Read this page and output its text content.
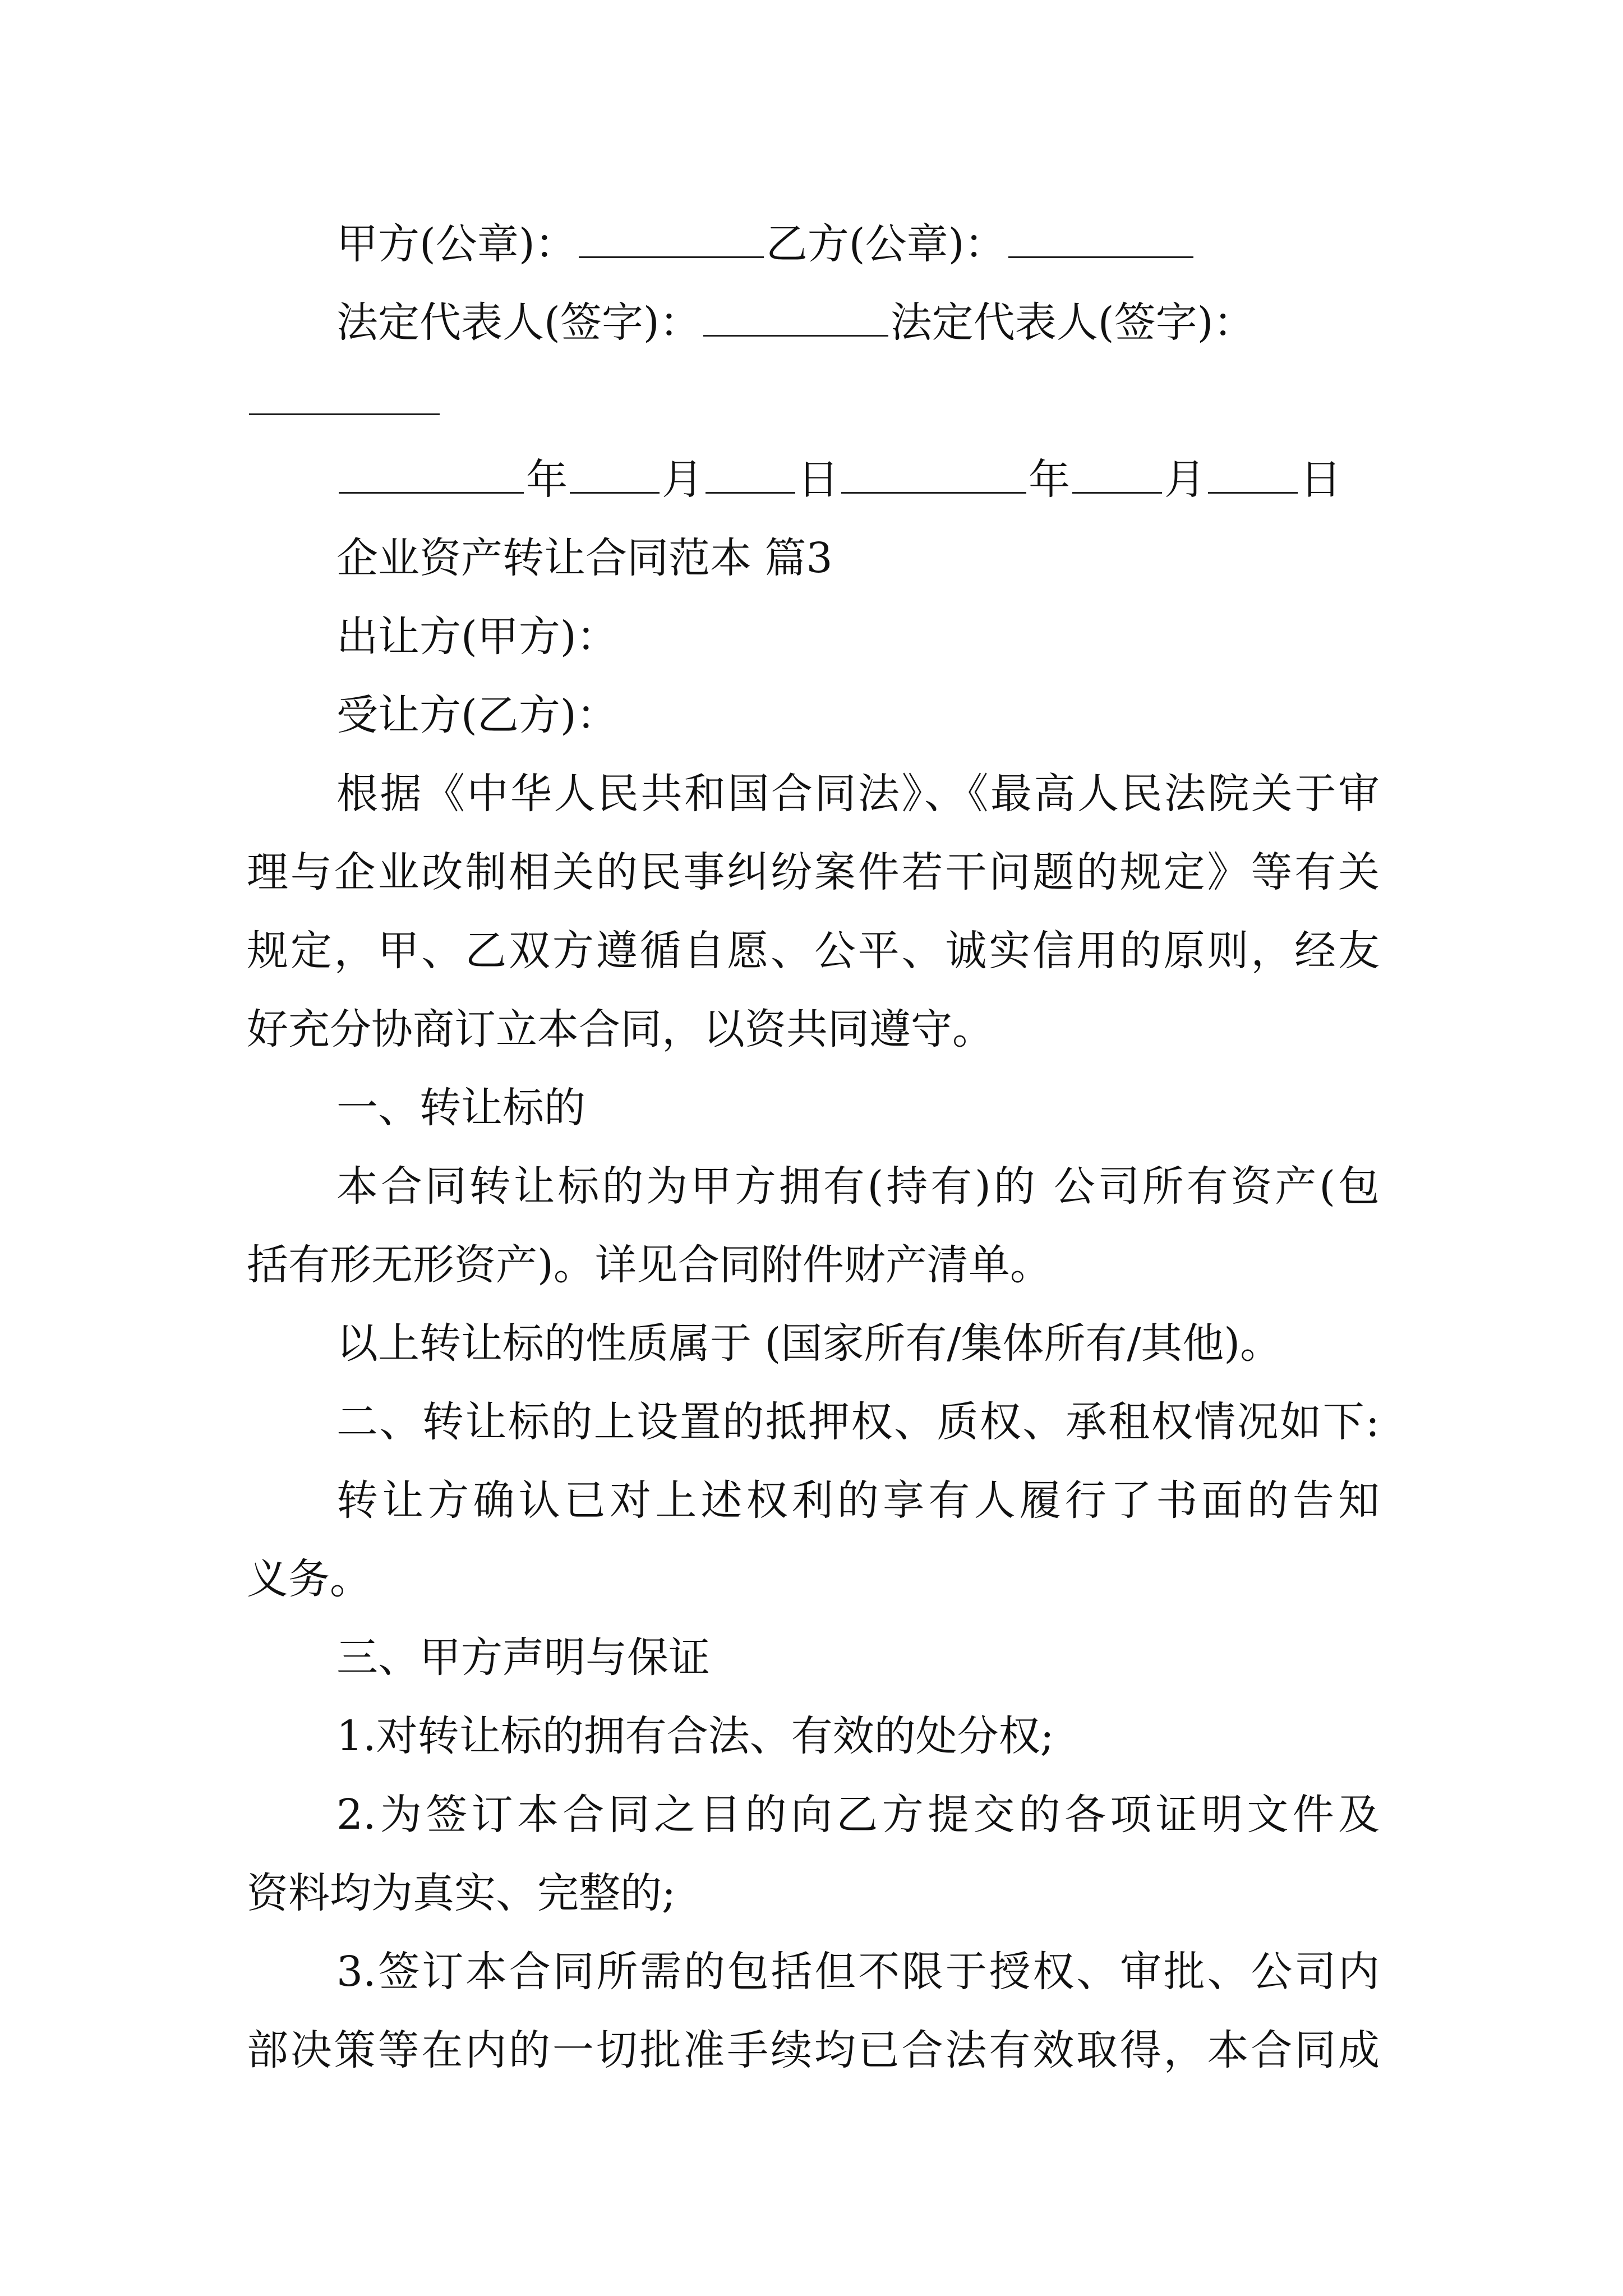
甲方(公章)：	乙方(公章)：
法定代表人(签字)：	法定代表人(签字)：
年 月 日	年 月 日
企业资产转让合同范本 篇3
出让方(甲方)：
受让方(乙方)：
根据《中华人民共和国合同法》、《最高人民法院关于审
理与企业改制相关的民事纠纷案件若干问题的规定》等有关
规定，甲、乙双方遵循自愿、公平、诚实信用的原则，经友
好充分协商订立本合同，以资共同遵守。
一、转让标的
本合同转让标的为甲方拥有(持有)的 公司所有资产(包
括有形无形资产)。详见合同附件财产清单。
以上转让标的性质属于 (国家所有/集体所有/其他)。
二、转让标的上设置的抵押权、质权、承租权情况如下:
转让方确认已对上述权利的享有人履行了书面的告知
义务。
三、甲方声明与保证
1.对转让标的拥有合法、有效的处分权;
2.为签订本合同之目的向乙方提交的各项证明文件及
资料均为真实、完整的;
3.签订本合同所需的包括但不限于授权、审批、公司内
部决策等在内的一切批准手续均已合法有效取得，本合同成
